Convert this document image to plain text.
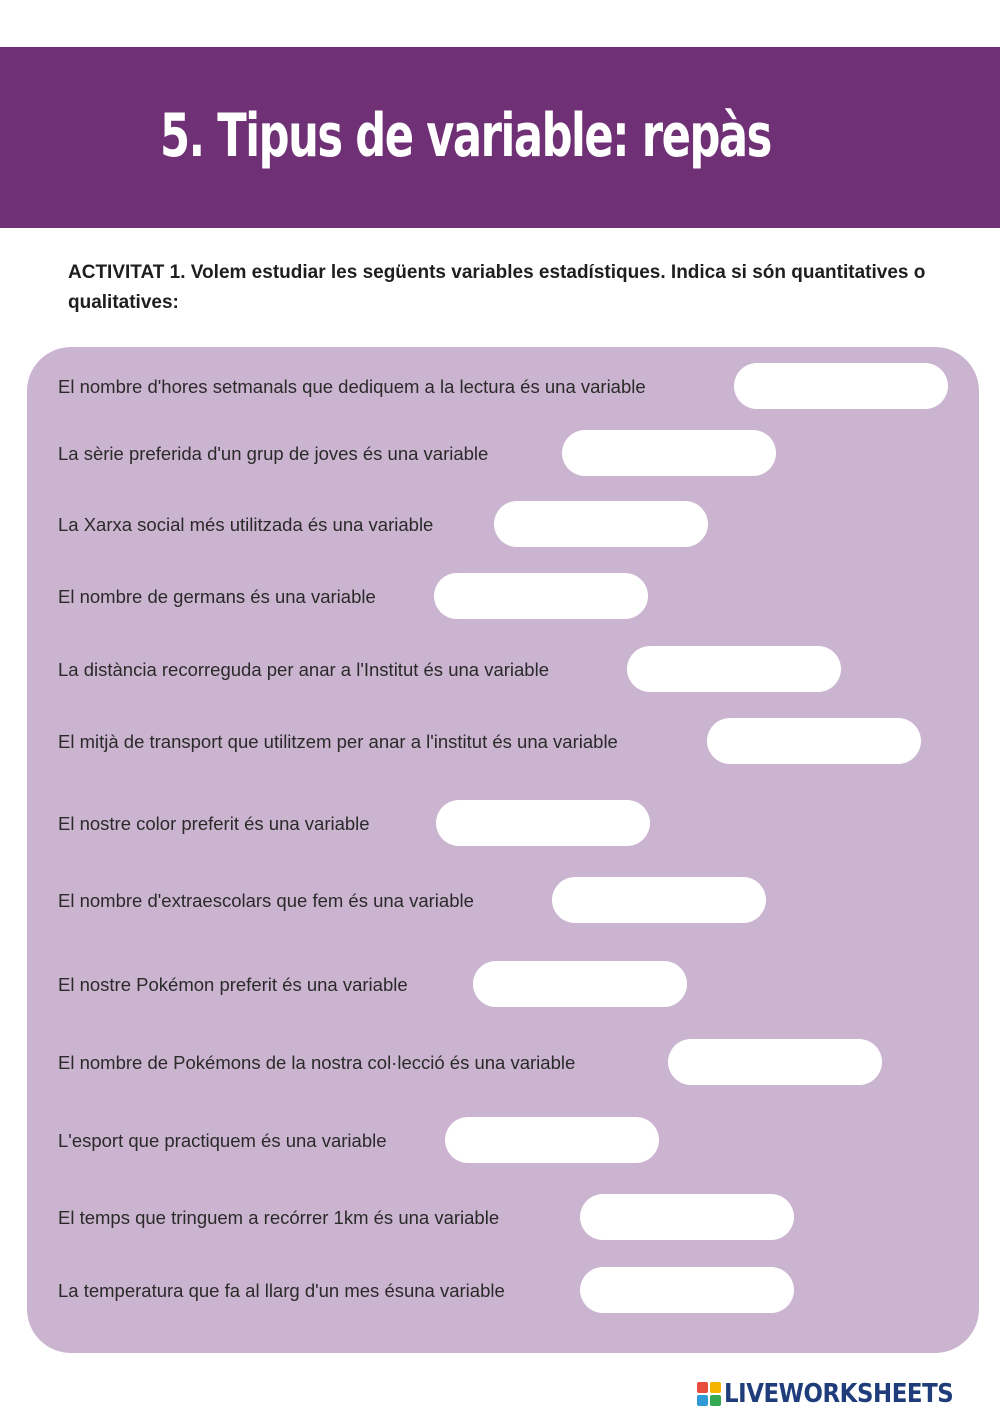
5. Tipus de variable: repàs
ACTIVITAT 1. Volem estudiar les següents variables estadístiques. Indica si són quantitatives o qualitatives:
El nombre d'hores setmanals que dediquem a la lectura és una variable
La sèrie preferida d'un grup de joves és una variable
La Xarxa social més utilitzada és una variable
El nombre de germans és una variable
La distància recorreguda per anar a l'Institut és una variable
El mitjà de transport que utilitzem per anar a l'institut és una variable
El nostre color preferit és una variable
El nombre d'extraescolars que fem és una variable
El nostre Pokémon preferit és una variable
El nombre de Pokémons de la nostra col·lecció és una variable
L'esport que practiquem és una variable
El temps que tringuem a recórrer 1km és una variable
La temperatura que fa al llarg d'un mes ésuna variable
LIVEWORKSHEETS
